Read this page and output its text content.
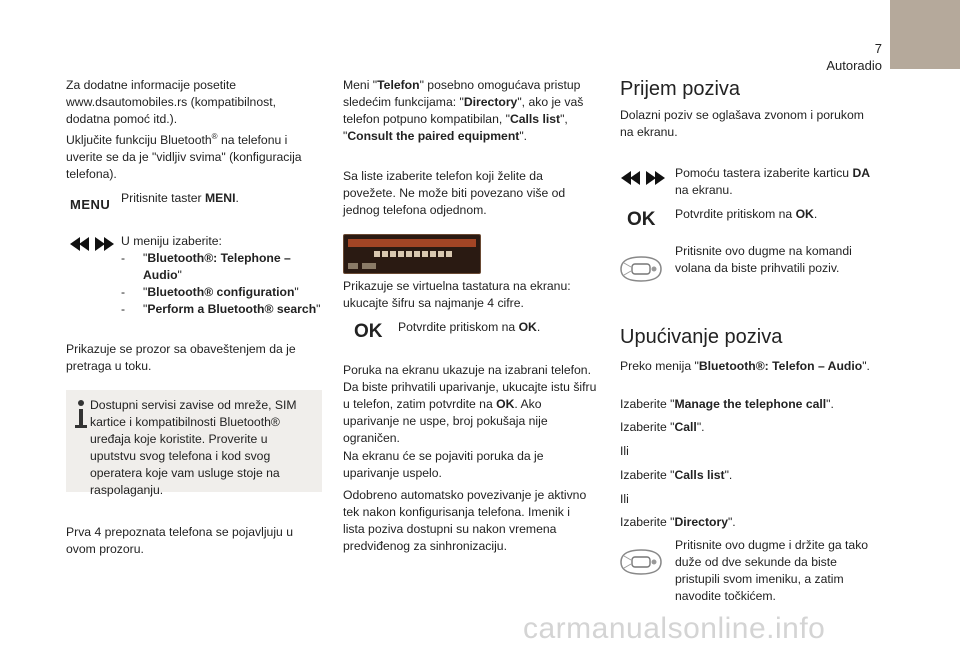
7
Autoradio

Za dodatne informacije posetite www.dsautomobiles.rs (kompatibilnost, dodatna pomoć itd.).

Uključite funkciju Bluetooth® na telefonu i uverite se da je "vidljiv svima" (konfiguracija telefona).

MENU Pritisnite taster MENI.

U meniju izaberite:

-	"Bluetooth®: Telephone – Audio"
-	"Bluetooth® configuration"
-	"Perform a Bluetooth® search"

Prikazuje se prozor sa obaveštenjem da je pretraga u toku.

Dostupni servisi zavise od mreže, SIM kartice i kompatibilnosti Bluetooth® uređaja koje koristite. Proverite u uputstvu svog telefona i kod svog operatera koje vam usluge stoje na raspolaganju.

Prva 4 prepoznata telefona se pojavljuju u ovom prozoru.

Meni "Telefon" posebno omogućava pristup sledećim funkcijama: "Directory", ako je vaš telefon potpuno kompatibilan, "Calls list", "Consult the paired equipment".

Sa liste izaberite telefon koji želite da povežete. Ne može biti povezano više od jednog telefona odjednom.

Prikazuje se virtuelna tastatura na ekranu: ukucajte šifru sa najmanje 4 cifre.

OK Potvrdite pritiskom na OK.

Poruka na ekranu ukazuje na izabrani telefon. Da biste prihvatili uparivanje, ukucajte istu šifru u telefon, zatim potvrdite na OK. Ako uparivanje ne uspe, broj pokušaja nije ograničen.

Na ekranu će se pojaviti poruka da je uparivanje uspelo.

Odobreno automatsko povezivanje je aktivno tek nakon konfigurisanja telefona. Imenik i lista poziva dostupni su nakon vremena predviđenog za sinhronizaciju.

Prijem poziva

Dolazni poziv se oglašava zvonom i porukom na ekranu.

Pomoću tastera izaberite karticu DA na ekranu.

OK Potvrdite pritiskom na OK.

Pritisnite ovo dugme na komandi volana da biste prihvatili poziv.

Upućivanje poziva

Preko menija "Bluetooth®: Telefon – Audio".

Izaberite "Manage the telephone call".

Izaberite "Call".

Ili

Izaberite "Calls list".

Ili

Izaberite "Directory".

Pritisnite ovo dugme i držite ga tako duže od dve sekunde da biste pristupili svom imeniku, a zatim navodite točkićem.

carmanualsonline.info
